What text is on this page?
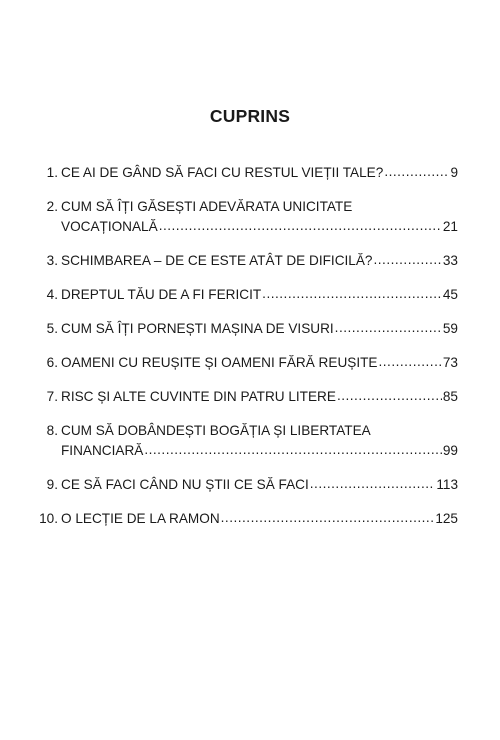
CUPRINS
1. CE AI DE GÂND SĂ FACI CU RESTUL VIEȚII TALE? .....	9
2. CUM SĂ ÎȚI GĂSEȘTI ADEVĂRATA UNICITATE
VOCAȚIONALĂ .....	21
3. SCHIMBAREA – DE CE ESTE ATÂT DE DIFICILĂ? .....	33
4. DREPTUL TĂU DE A FI FERICIT .....	45
5. CUM SĂ ÎȚI PORNEȘTI MAȘINA DE VISURI .....	59
6. OAMENI CU REUȘITE ȘI OAMENI FĂRĂ REUȘITE .....	73
7. RISC ȘI ALTE CUVINTE DIN PATRU LITERE .....	85
8. CUM SĂ DOBÂNDEȘTI BOGĂȚIA ȘI LIBERTATEA
FINANCIARĂ .....	99
9. CE SĂ FACI CÂND NU ȘTII CE SĂ FACI .....	113
10. O LECȚIE DE LA RAMON .....	125
